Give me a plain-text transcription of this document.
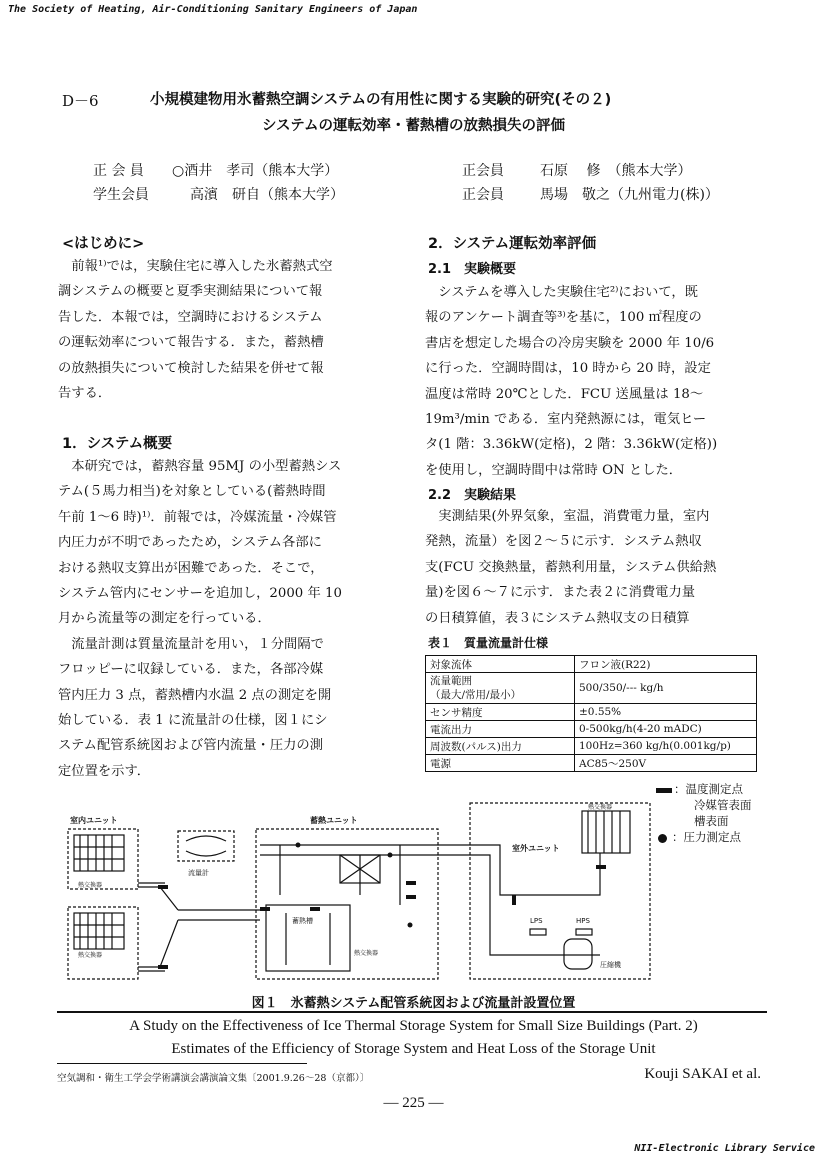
The Society of Heating, Air-Conditioning Sanitary Engineers of Japan
NII-Electronic Library Service
D－6	小規模建物用氷蓄熱空調システムの有用性に関する実験的研究(その２)
システムの運転効率・蓄熱槽の放熱損失の評価
正 会 員 ○酒井　孝司（熊本大学）
学生会員	高濱　研自（熊本大学）
正会員	石原　 修　（熊本大学）
正会員	馬場　敬之（九州電力(株)）
<はじめに>

　前報¹⁾では，実験住宅に導入した氷蓄熱式空

調システムの概要と夏季実測結果について報

告した．本報では，空調時におけるシステム

の運転効率について報告する．また，蓄熱槽

の放熱損失について検討した結果を併せて報

告する．

1．システム概要

　本研究では，蓄熱容量 95MJ の小型蓄熱シス

テム(５馬力相当)を対象としている(蓄熱時間

午前 1～6 時)¹⁾．前報では，冷媒流量・冷媒管

内圧力が不明であったため，システム各部に

おける熱収支算出が困難であった．そこで，

システム管内にセンサーを追加し，2000 年 10

月から流量等の測定を行っている．

　流量計測は質量流量計を用い，１分間隔で

フロッピーに収録している．また，各部冷媒

管内圧力 3 点，蓄熱槽内水温 2 点の測定を開

始している．表 1 に流量計の仕様，図１にシ

ステム配管系統図および管内流量・圧力の測

定位置を示す．

2．システム運転効率評価
2.1　実験概要

　システムを導入した実験住宅²⁾において，既

報のアンケート調査等³⁾を基に，100 ㎡程度の

書店を想定した場合の冷房実験を 2000 年 10/6

に行った．空調時間は，10 時から 20 時，設定

温度は常時 20℃とした．FCU 送風量は 18～

19m³/min である．室内発熱源には，電気ヒー

タ(1 階：3.36kW(定格)，2 階：3.36kW(定格))

を使用し，空調時間中は常時 ON とした．

2.2　実験結果

　実測結果(外界気象，室温，消費電力量，室内

発熱，流量）を図２～５に示す．システム熱収

支(FCU 交換熱量，蓄熱利用量，システム供給熱

量)を図６～７に示す．また表２に消費電力量

の日積算値，表３にシステム熱収支の日積算

表１　質量流量計仕様
対象流体	フロン液(R22)
流量範囲
（最大/常用/最小）	500/350/--- kg/h
センサ精度	±0.55%
電流出力	0-500kg/h(4-20 mADC)
周波数(パルス)出力	100Hz=360 kg/h(0.001kg/p)
電源	AC85～250V
：温度測定点
冷媒管表面
槽表面
：圧力測定点
室内ユニット
熱交換器
熱交換器
流量計
蓄熱ユニット
蓄熱槽
熱交換器
室外ユニット
熱交換器
LPS	HPS
圧縮機
図１　氷蓄熱システム配管系統図および流量計設置位置
A Study on the Effectiveness of Ice Thermal Storage System for Small Size Buildings (Part. 2)
Estimates of the Efficiency of Storage System and Heat Loss of the Storage Unit
空気調和・衛生工学会学術講演会講演論文集〔2001.9.26～28（京都）〕	Kouji SAKAI et al.
― 225 ―
